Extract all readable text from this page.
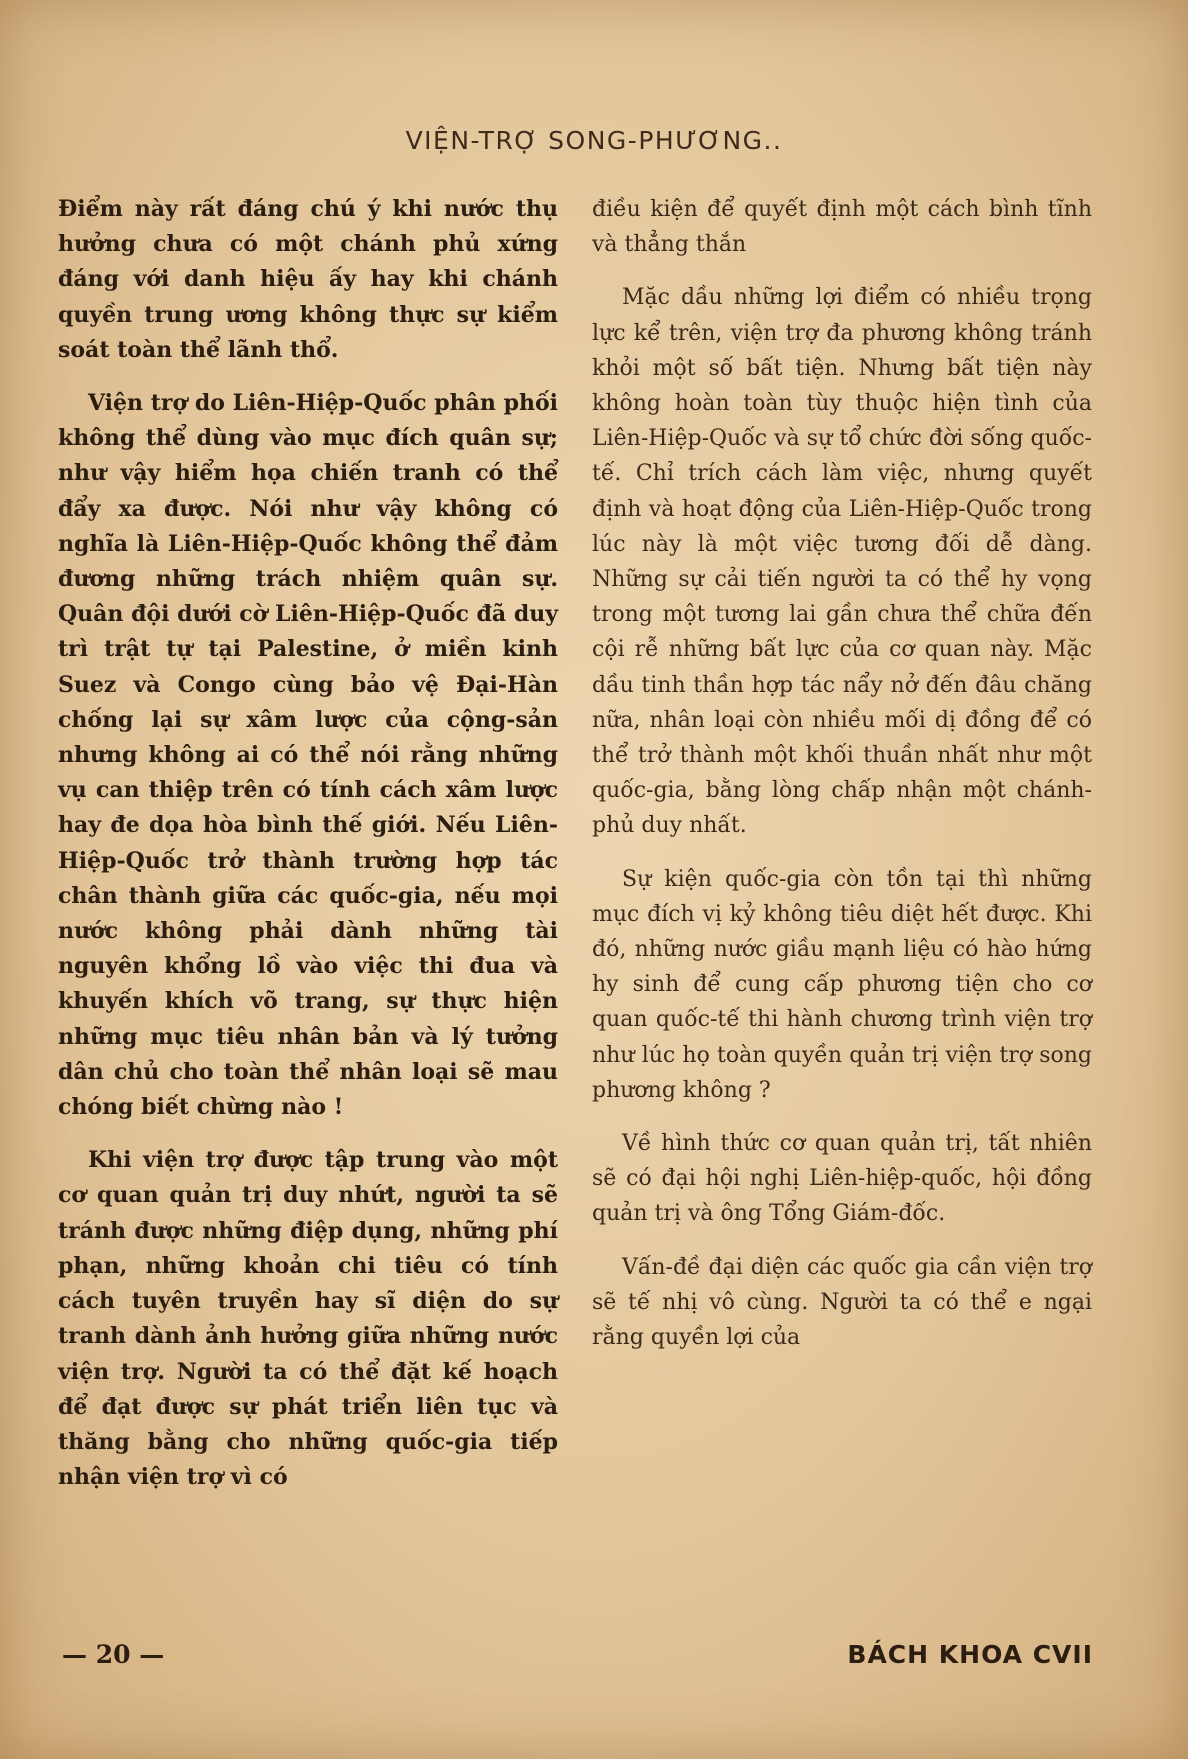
VIỆN-TRỢ SONG-PHƯƠNG..

Điểm này rất đáng chú ý khi nước thụ hưởng chưa có một chánh phủ xứng đáng với danh hiệu ấy hay khi chánh quyền trung ương không thực sự kiểm soát toàn thể lãnh thổ.

Viện trợ do Liên-Hiệp-Quốc phân phối không thể dùng vào mục đích quân sự; như vậy hiểm họa chiến tranh có thể đẩy xa được. Nói như vậy không có nghĩa là Liên-Hiệp-Quốc không thể đảm đương những trách nhiệm quân sự. Quân đội dưới cờ Liên-Hiệp-Quốc đã duy trì trật tự tại Palestine, ở miền kinh Suez và Congo cùng bảo vệ Đại-Hàn chống lại sự xâm lược của cộng-sản nhưng không ai có thể nói rằng những vụ can thiệp trên có tính cách xâm lược hay đe dọa hòa bình thế giới. Nếu Liên-Hiệp-Quốc trở thành trường hợp tác chân thành giữa các quốc-gia, nếu mọi nước không phải dành những tài nguyên khổng lồ vào việc thi đua và khuyến khích võ trang, sự thực hiện những mục tiêu nhân bản và lý tưởng dân chủ cho toàn thể nhân loại sẽ mau chóng biết chừng nào !

Khi viện trợ được tập trung vào một cơ quan quản trị duy nhứt, người ta sẽ tránh được những điệp dụng, những phí phạn, những khoản chi tiêu có tính cách tuyên truyền hay sĩ diện do sự tranh dành ảnh hưởng giữa những nước viện trợ. Người ta có thể đặt kế hoạch để đạt được sự phát triển liên tục và thăng bằng cho những quốc-gia tiếp nhận viện trợ vì có

điều kiện để quyết định một cách bình tĩnh và thẳng thắn

Mặc dầu những lợi điểm có nhiều trọng lực kể trên, viện trợ đa phương không tránh khỏi một số bất tiện. Nhưng bất tiện này không hoàn toàn tùy thuộc hiện tình của Liên-Hiệp-Quốc và sự tổ chức đời sống quốc-tế. Chỉ trích cách làm việc, nhưng quyết định và hoạt động của Liên-Hiệp-Quốc trong lúc này là một việc tương đối dễ dàng. Những sự cải tiến người ta có thể hy vọng trong một tương lai gần chưa thể chữa đến cội rễ những bất lực của cơ quan này. Mặc dầu tinh thần hợp tác nẩy nở đến đâu chăng nữa, nhân loại còn nhiều mối dị đồng để có thể trở thành một khối thuần nhất như một quốc-gia, bằng lòng chấp nhận một chánh-phủ duy nhất.

Sự kiện quốc-gia còn tồn tại thì những mục đích vị kỷ không tiêu diệt hết được. Khi đó, những nước giầu mạnh liệu có hào hứng hy sinh để cung cấp phương tiện cho cơ quan quốc-tế thi hành chương trình viện trợ như lúc họ toàn quyền quản trị viện trợ song phương không ?

Về hình thức cơ quan quản trị, tất nhiên sẽ có đại hội nghị Liên-hiệp-quốc, hội đồng quản trị và ông Tổng Giám-đốc.

Vấn-đề đại diện các quốc gia cần viện trợ sẽ tế nhị vô cùng. Người ta có thể e ngại rằng quyền lợi của

— 20 —	BÁCH KHOA CVII
